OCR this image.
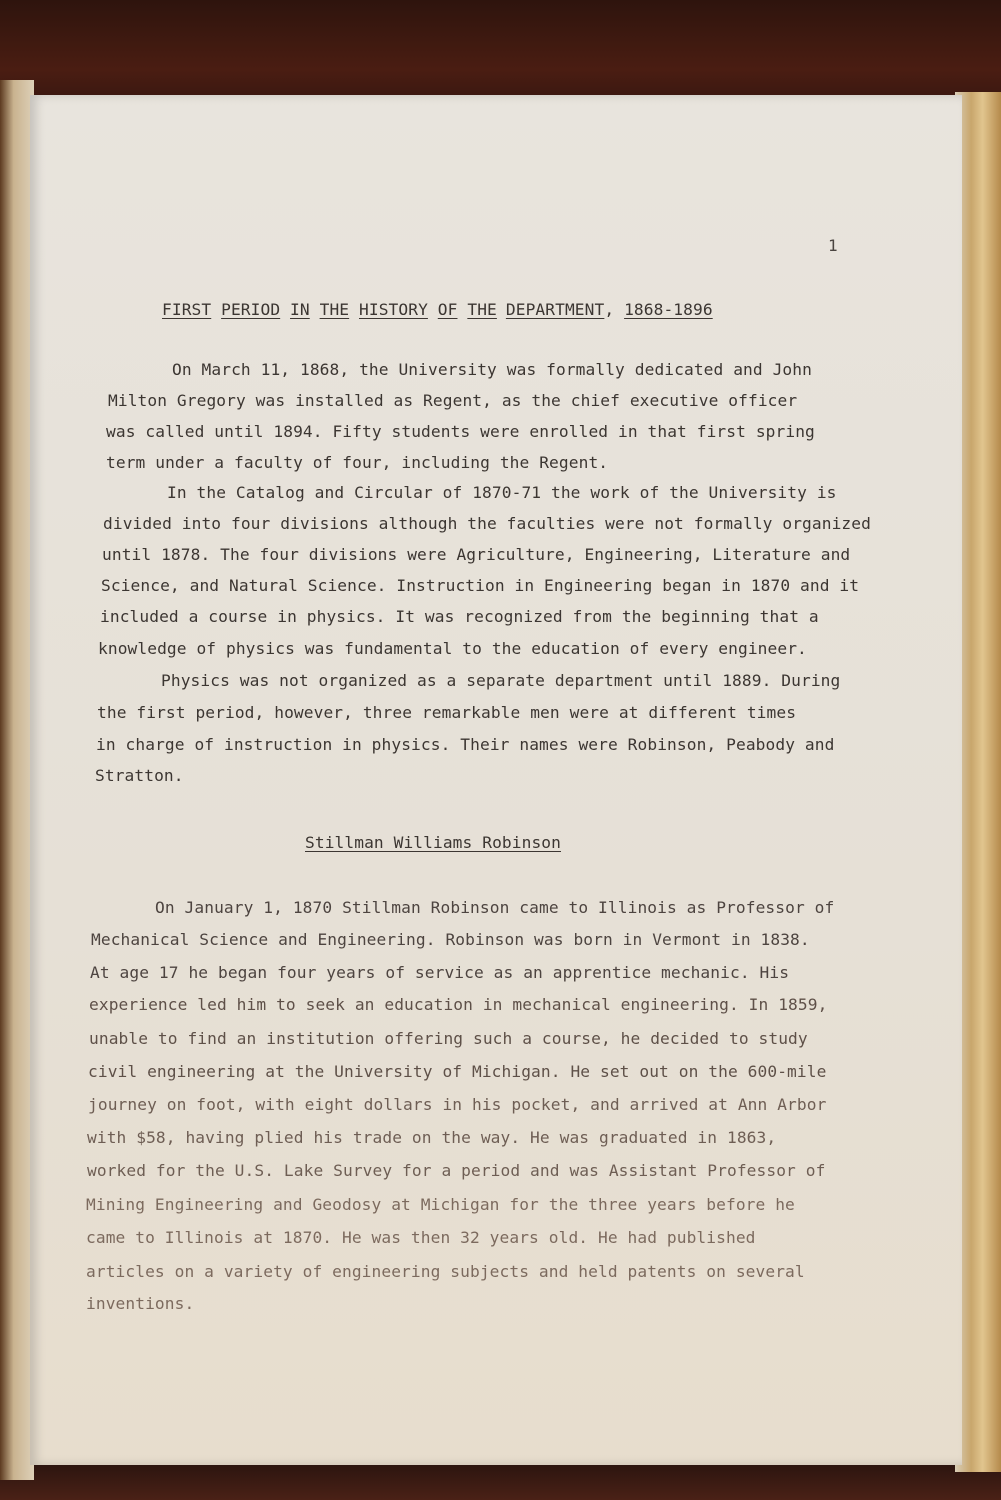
1
FIRST PERIOD IN THE HISTORY OF THE DEPARTMENT, 1868-1896
On March 11, 1868, the University was formally dedicated and John
Milton Gregory was installed as Regent, as the chief executive officer
was called until 1894. Fifty students were enrolled in that first spring
term under a faculty of four, including the Regent.
In the Catalog and Circular of 1870-71 the work of the University is
divided into four divisions although the faculties were not formally organized
until 1878. The four divisions were Agriculture, Engineering, Literature and
Science, and Natural Science. Instruction in Engineering began in 1870 and it
included a course in physics. It was recognized from the beginning that a
knowledge of physics was fundamental to the education of every engineer.
Physics was not organized as a separate department until 1889. During
the first period, however, three remarkable men were at different times
in charge of instruction in physics. Their names were Robinson, Peabody and
Stratton.
Stillman Williams Robinson
On January 1, 1870 Stillman Robinson came to Illinois as Professor of
Mechanical Science and Engineering. Robinson was born in Vermont in 1838.
At age 17 he began four years of service as an apprentice mechanic. His
experience led him to seek an education in mechanical engineering. In 1859,
unable to find an institution offering such a course, he decided to study
civil engineering at the University of Michigan. He set out on the 600-mile
journey on foot, with eight dollars in his pocket, and arrived at Ann Arbor
with $58, having plied his trade on the way. He was graduated in 1863,
worked for the U.S. Lake Survey for a period and was Assistant Professor of
Mining Engineering and Geodosy at Michigan for the three years before he
came to Illinois at 1870. He was then 32 years old. He had published
articles on a variety of engineering subjects and held patents on several
inventions.
